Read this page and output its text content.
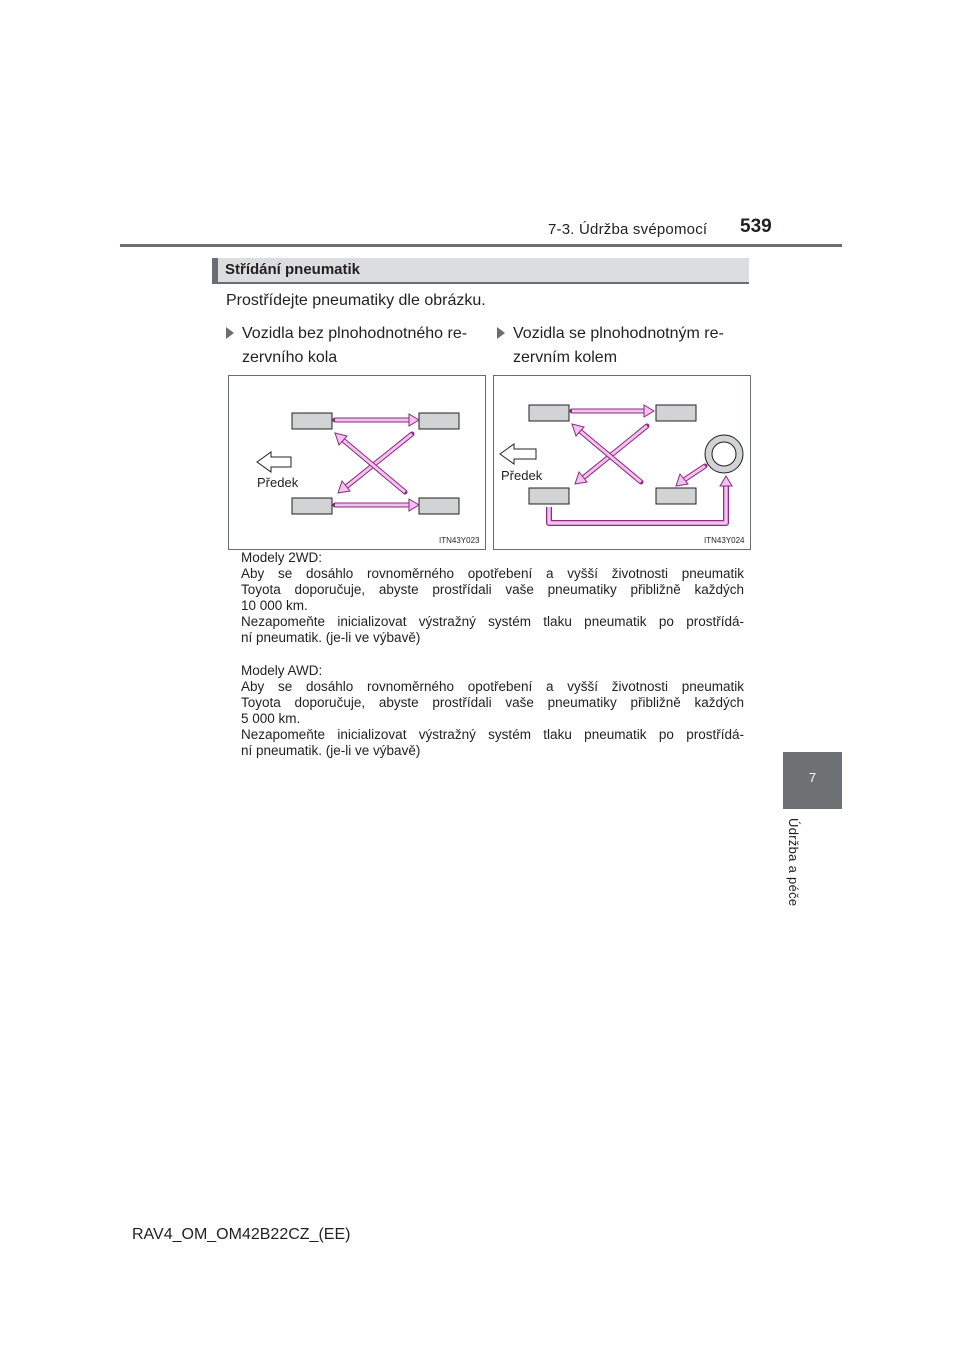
7-3. Údržba svépomocí 539
7
Údržba a péče
Střídání pneumatik
Prostřídejte pneumatiky dle obrázku.
Vozidla bez plnohodnotného re-
zervního kola
Vozidla se plnohodnotným re-
zervním kolem
Předek
ITN43Y023
Předek
ITN43Y024
Modely 2WD:
Aby se dosáhlo rovnoměrného opotřebení a vyšší životnosti pneumatik
Toyota doporučuje, abyste prostřídali vaše pneumatiky přibližně každých
10 000 km.
Nezapomeňte inicializovat výstražný systém tlaku pneumatik po prostřídá-
ní pneumatik. (je-li ve výbavě)
Modely AWD:
Aby se dosáhlo rovnoměrného opotřebení a vyšší životnosti pneumatik
Toyota doporučuje, abyste prostřídali vaše pneumatiky přibližně každých
5 000 km.
Nezapomeňte inicializovat výstražný systém tlaku pneumatik po prostřídá-
ní pneumatik. (je-li ve výbavě)
RAV4_OM_OM42B22CZ_(EE)
